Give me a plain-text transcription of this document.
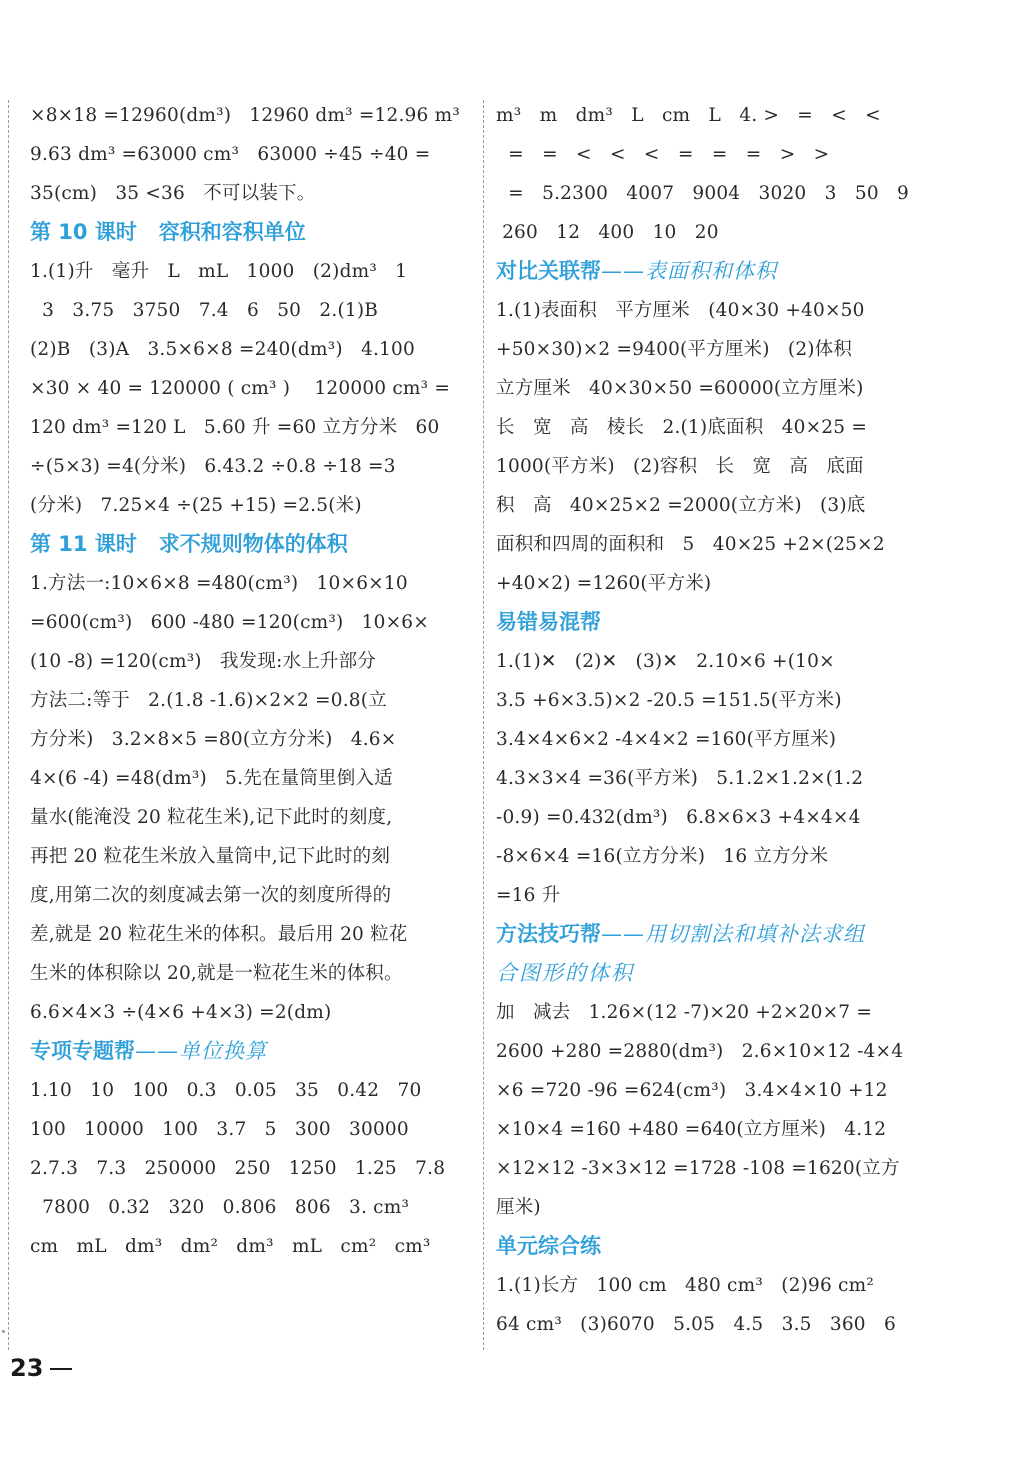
×8×18 =12960(dm³)   12960 dm³ =12.96 m³
9.63 dm³ =63000 cm³   63000 ÷45 ÷40 =
35(cm)   35 <36   不可以装下。
第 10 课时   容积和容积单位
1.(1)升   毫升   L   mL   1000   (2)dm³   1
3   3.75   3750   7.4   6   50   2.(1)B
(2)B   (3)A   3.5×6×8 =240(dm³)   4.100
×30 × 40 = 120000 ( cm³ )    120000 cm³ =
120 dm³ =120 L   5.60 升 =60 立方分米   60
÷(5×3) =4(分米)   6.43.2 ÷0.8 ÷18 =3
(分米)   7.25×4 ÷(25 +15) =2.5(米)
第 11 课时   求不规则物体的体积
1.方法一:10×6×8 =480(cm³)   10×6×10
=600(cm³)   600 -480 =120(cm³)   10×6×
(10 -8) =120(cm³)   我发现:水上升部分
方法二:等于   2.(1.8 -1.6)×2×2 =0.8(立
方分米)   3.2×8×5 =80(立方分米)   4.6×
4×(6 -4) =48(dm³)   5.先在量筒里倒入适
量水(能淹没 20 粒花生米),记下此时的刻度,
再把 20 粒花生米放入量筒中,记下此时的刻
度,用第二次的刻度减去第一次的刻度所得的
差,就是 20 粒花生米的体积。最后用 20 粒花
生米的体积除以 20,就是一粒花生米的体积。
6.6×4×3 ÷(4×6 +4×3) =2(dm)
专项专题帮——单位换算
1.10   10   100   0.3   0.05   35   0.42   70
100   10000   100   3.7   5   300   30000
2.7.3   7.3   250000   250   1250   1.25   7.8
7800   0.32   320   0.806   806   3. cm³
cm   mL   dm³   dm²   dm³   mL   cm²   cm³
m³   m   dm³   L   cm   L   4. >   =   <   <
=   =   <   <   <   =   =   =   >   >
=   5.2300   4007   9004   3020   3   50   9
260   12   400   10   20
对比关联帮——表面积和体积
1.(1)表面积   平方厘米   (40×30 +40×50
+50×30)×2 =9400(平方厘米)   (2)体积
立方厘米   40×30×50 =60000(立方厘米)
长   宽   高   棱长   2.(1)底面积   40×25 =
1000(平方米)   (2)容积   长   宽   高   底面
积   高   40×25×2 =2000(立方米)   (3)底
面积和四周的面积和   5   40×25 +2×(25×2
+40×2) =1260(平方米)
易错易混帮
1.(1)✕   (2)✕   (3)✕   2.10×6 +(10×
3.5 +6×3.5)×2 -20.5 =151.5(平方米)
3.4×4×6×2 -4×4×2 =160(平方厘米)
4.3×3×4 =36(平方米)   5.1.2×1.2×(1.2
-0.9) =0.432(dm³)   6.8×6×3 +4×4×4
-8×6×4 =16(立方分米)   16 立方分米
=16 升
方法技巧帮——用切割法和填补法求组
合图形的体积
加   减去   1.26×(12 -7)×20 +2×20×7 =
2600 +280 =2880(dm³)   2.6×10×12 -4×4
×6 =720 -96 =624(cm³)   3.4×4×10 +12
×10×4 =160 +480 =640(立方厘米)   4.12
×12×12 -3×3×12 =1728 -108 =1620(立方
厘米)
单元综合练
1.(1)长方   100 cm   480 cm³   (2)96 cm²
64 cm³   (3)6070   5.05   4.5   3.5   360   6
23
